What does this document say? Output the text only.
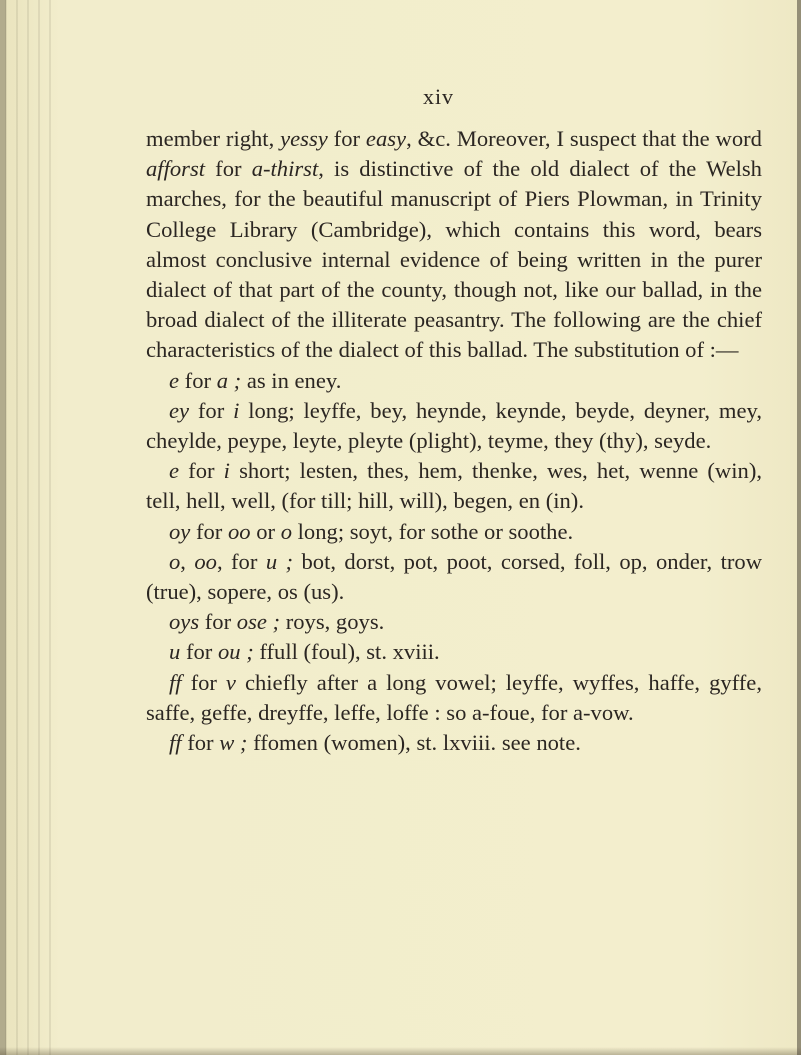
xiv

member right, yessy for easy, &c. Moreover, I suspect that the word afforst for a-thirst, is distinctive of the old dialect of the Welsh marches, for the beautiful manuscript of Piers Plowman, in Trinity College Library (Cambridge), which contains this word, bears almost conclusive internal evidence of being written in the purer dialect of that part of the county, though not, like our ballad, in the broad dialect of the illiterate peasantry. The following are the chief characteristics of the dialect of this ballad. The substitution of :—

e for a ; as in eney.

ey for i long; leyffe, bey, heynde, keynde, beyde, deyner, mey, cheylde, peype, leyte, pleyte (plight), teyme, they (thy), seyde.

e for i short; lesten, thes, hem, thenke, wes, het, wenne (win), tell, hell, well, (for till; hill, will), begen, en (in).

oy for oo or o long; soyt, for sothe or soothe.

o, oo, for u ; bot, dorst, pot, poot, corsed, foll, op, onder, trow (true), sopere, os (us).

oys for ose ; roys, goys.

u for ou ; ffull (foul), st. xviii.

ff for v chiefly after a long vowel; leyffe, wyffes, haffe, gyffe, saffe, geffe, dreyffe, leffe, loffe : so a-foue, for a-vow.

ff for w ; ffomen (women), st. lxviii. see note.
